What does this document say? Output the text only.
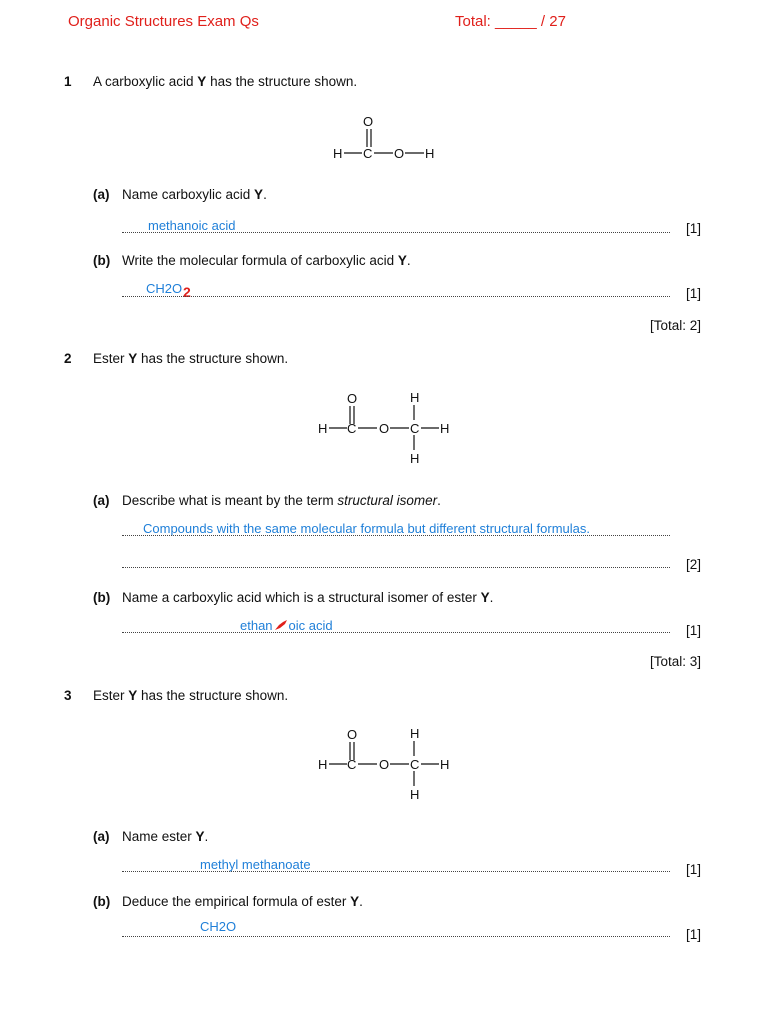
Organic Structures Exam Qs	Total: _____ / 27
1 A carboxylic acid Y has the structure shown.
O
H C O H
(a) Name carboxylic acid Y.
methanoic acid	[1]
(b) Write the molecular formula of carboxylic acid Y.
CH2O 2	[1]
[Total: 2]
2 Ester Y has the structure shown.
O
H C O C
H
H
H
(a) Describe what is meant by the term structural isomer.
Compounds with the same molecular formula but different structural formulas.
[2]
(b) Name a carboxylic acid which is a structural isomer of ester Y.
ethan oic acid	[1]
[Total: 3]
3 Ester Y has the structure shown.
O
H C O C
H
H
H
(a) Name ester Y.
methyl methanoate	[1]
(b) Deduce the empirical formula of ester Y.
CH2O
[1]
